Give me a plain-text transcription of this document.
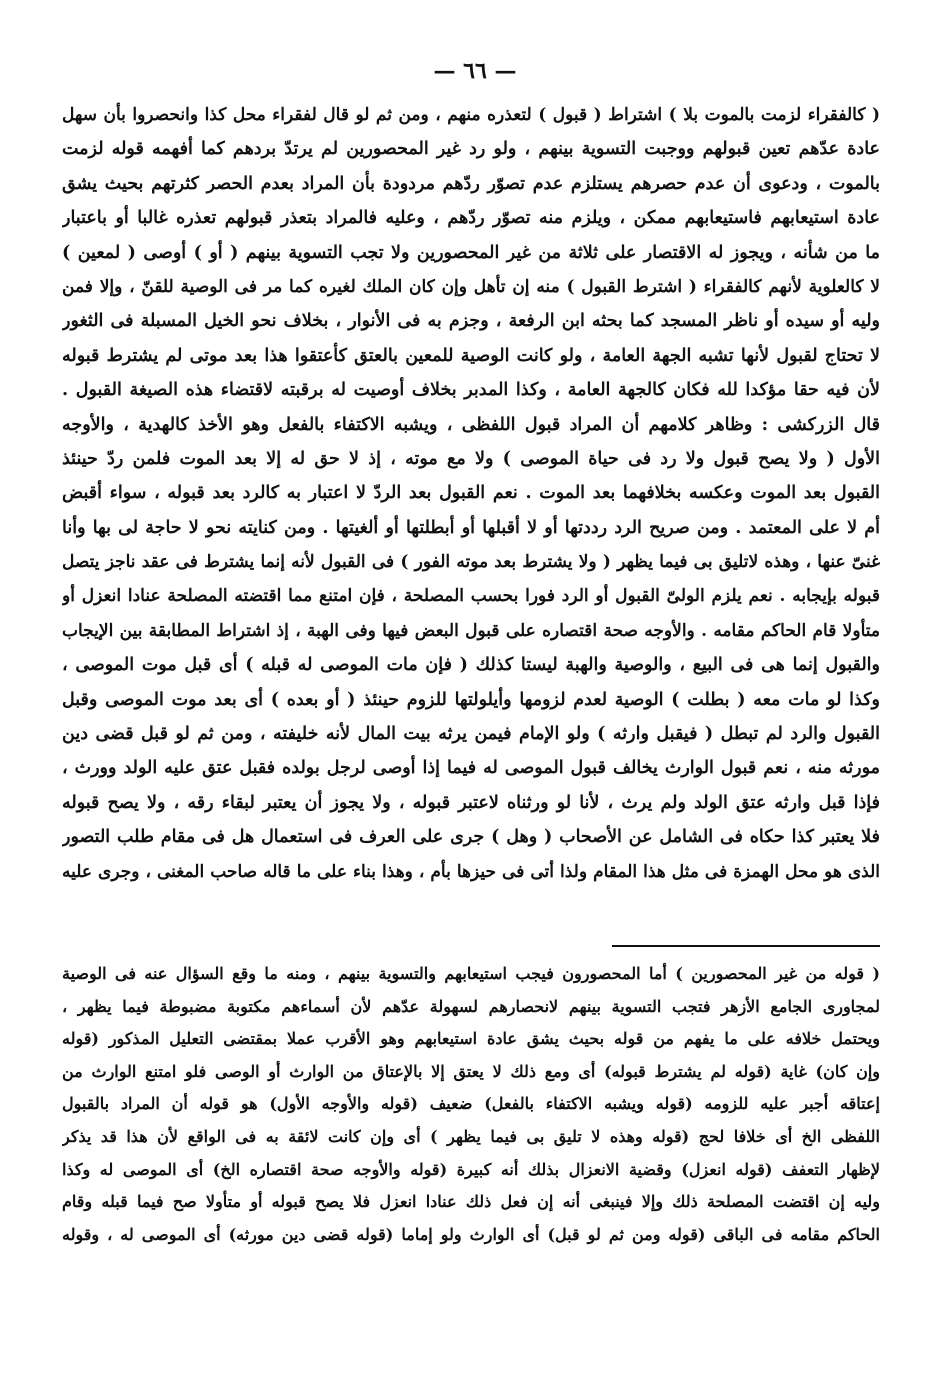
— ٦٦ —
( كالفقراء لزمت بالموت بلا ) اشتراط ( قبول ) لتعذره منهم ، ومن ثم لو قال لفقراء محل كذا وانحصروا بأن سهل
عادة عدّهم تعين قبولهم ووجبت التسوية بينهم ، ولو رد غير المحصورين لم يرتدّ بردهم كما أفهمه قوله لزمت
بالموت ، ودعوى أن عدم حصرهم يستلزم عدم تصوّر ردّهم مردودة بأن المراد بعدم الحصر كثرتهم بحيث يشق
عادة استيعابهم فاستيعابهم ممكن ، ويلزم منه تصوّر ردّهم ، وعليه فالمراد بتعذر قبولهم تعذره غالبا أو باعتبار
ما من شأنه ، ويجوز له الاقتصار على ثلاثة من غير المحصورين ولا تجب التسوية بينهم ( أو ) أوصى ( لمعين )
لا كالعلوية لأنهم كالفقراء ( اشترط القبول ) منه إن تأهل وإن كان الملك لغيره كما مر فى الوصية للقنّ ، وإلا فمن
وليه أو سيده أو ناظر المسجد كما بحثه ابن الرفعة ، وجزم به فى الأنوار ، بخلاف نحو الخيل المسبلة فى الثغور
لا تحتاج لقبول لأنها تشبه الجهة العامة ، ولو كانت الوصية للمعين بالعتق كأعتقوا هذا بعد موتى لم يشترط قبوله
لأن فيه حقا مؤكدا لله فكان كالجهة العامة ، وكذا المدبر بخلاف أوصيت له برقبته لاقتضاء هذه الصيغة القبول .
قال الزركشى : وظاهر كلامهم أن المراد قبول اللفظى ، ويشبه الاكتفاء بالفعل وهو الأخذ كالهدية ، والأوجه
الأول ( ولا يصح قبول ولا رد فى حياة الموصى ) ولا مع موته ، إذ لا حق له إلا بعد الموت فلمن ردّ حينئذ
القبول بعد الموت وعكسه بخلافهما بعد الموت . نعم القبول بعد الردّ لا اعتبار به كالرد بعد قبوله ، سواء أقبض
أم لا على المعتمد . ومن صريح الرد رددتها أو لا أقبلها أو أبطلتها أو ألغيتها . ومن كنايته نحو لا حاجة لى بها وأنا
غنىّ عنها ، وهذه لاتليق بى فيما يظهر ( ولا يشترط بعد موته الفور ) فى القبول لأنه إنما يشترط فى عقد ناجز يتصل
قبوله بإيجابه . نعم يلزم الولىّ القبول أو الرد فورا بحسب المصلحة ، فإن امتنع مما اقتضته المصلحة عنادا انعزل أو
متأولا قام الحاكم مقامه . والأوجه صحة اقتصاره على قبول البعض فيها وفى الهبة ، إذ اشتراط المطابقة بين الإيجاب
والقبول إنما هى فى البيع ، والوصية والهبة ليستا كذلك ( فإن مات الموصى له قبله ) أى قبل موت الموصى ،
وكذا لو مات معه ( بطلت ) الوصية لعدم لزومها وأيلولتها للزوم حينئذ ( أو بعده ) أى بعد موت الموصى وقبل
القبول والرد لم تبطل ( فيقبل وارثه ) ولو الإمام فيمن يرثه بيت المال لأنه خليفته ، ومن ثم لو قبل قضى دين
مورثه منه ، نعم قبول الوارث يخالف قبول الموصى له فيما إذا أوصى لرجل بولده فقبل عتق عليه الولد وورث ،
فإذا قبل وارثه عتق الولد ولم يرث ، لأنا لو ورثناه لاعتبر قبوله ، ولا يجوز أن يعتبر لبقاء رقه ، ولا يصح قبوله
فلا يعتبر كذا حكاه فى الشامل عن الأصحاب ( وهل ) جرى على العرف فى استعمال هل فى مقام طلب التصور
الذى هو محل الهمزة فى مثل هذا المقام ولذا أتى فى حيزها بأم ، وهذا بناء على ما قاله صاحب المغنى ، وجرى عليه
( قوله من غير المحصورين ) أما المحصورون فيجب استيعابهم والتسوية بينهم ، ومنه ما وقع السؤال عنه فى الوصية
لمجاورى الجامع الأزهر فتجب التسوية بينهم لانحصارهم لسهولة عدّهم لأن أسماءهم مكتوبة مضبوطة فيما يظهر ،
ويحتمل خلافه على ما يفهم من قوله بحيث يشق عادة استيعابهم وهو الأقرب عملا بمقتضى التعليل المذكور (قوله
وإن كان) غاية (قوله لم يشترط قبوله) أى ومع ذلك لا يعتق إلا بالإعتاق من الوارث أو الوصى فلو امتنع الوارث من
إعتاقه أجبر عليه للزومه (قوله ويشبه الاكتفاء بالفعل) ضعيف (قوله والأوجه الأول) هو قوله أن المراد بالقبول
اللفظى الخ أى خلافا لحج (قوله وهذه لا تليق بى فيما يظهر ) أى وإن كانت لائقة به فى الواقع لأن هذا قد يذكر
لإظهار التعفف (قوله انعزل) وقضية الانعزال بذلك أنه كبيرة (قوله والأوجه صحة اقتصاره الخ) أى الموصى له وكذا
وليه إن اقتضت المصلحة ذلك وإلا فينبغى أنه إن فعل ذلك عنادا انعزل فلا يصح قبوله أو متأولا صح فيما قبله وقام
الحاكم مقامه فى الباقى (قوله ومن ثم لو قبل) أى الوارث ولو إماما (قوله قضى دين مورثه) أى الموصى له ، وقوله
